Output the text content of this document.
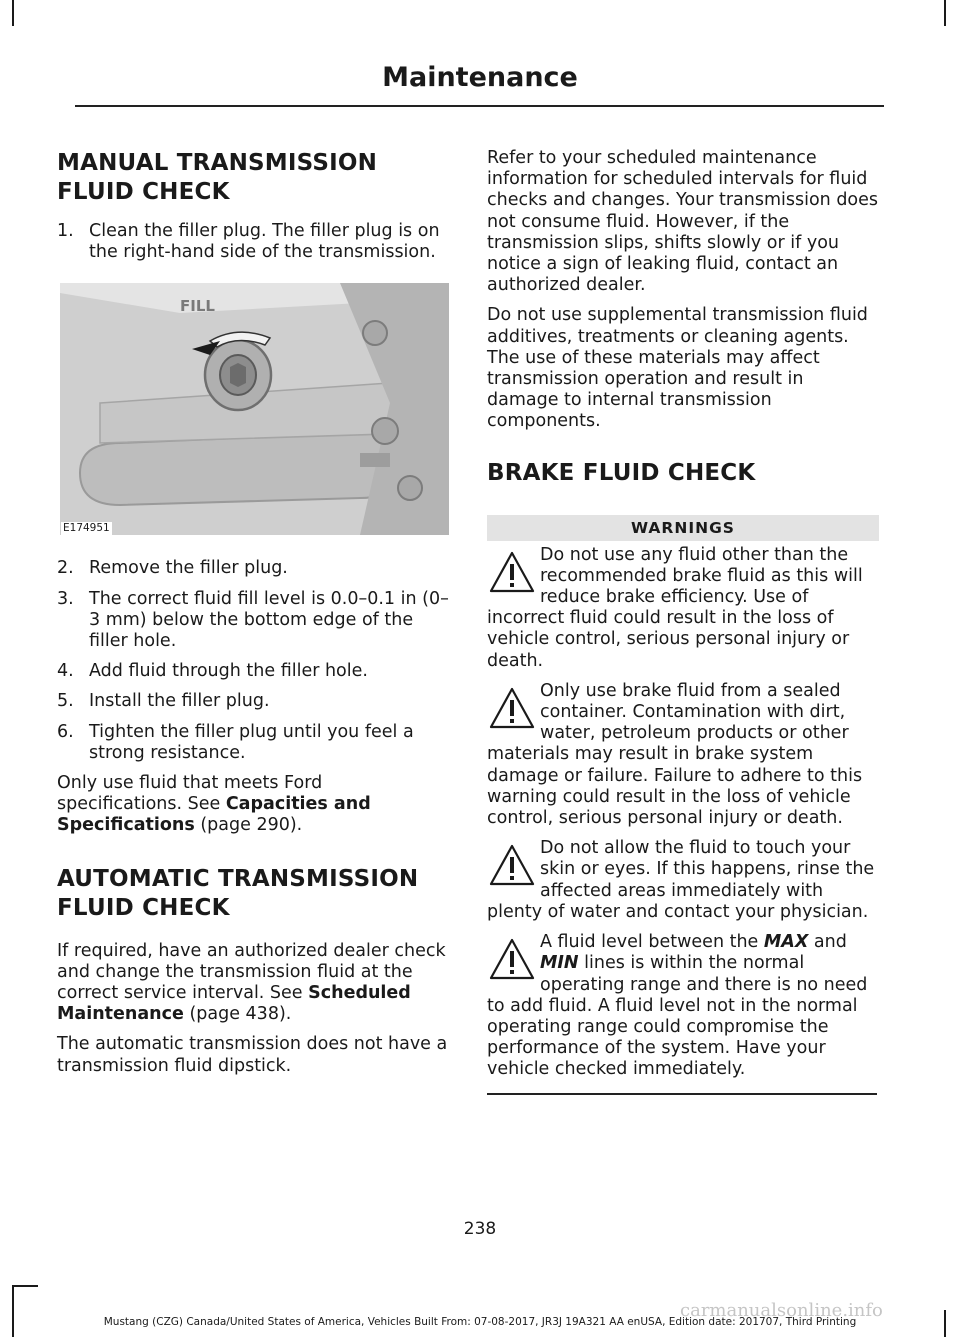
Maintenance
MANUAL TRANSMISSION
FLUID CHECK
1. Clean the filler plug. The filler plug is on the right-hand side of the transmission.
FILL
E174951
2. Remove the filler plug.
3. The correct fluid fill level is 0.0–0.1 in (0–3 mm) below the bottom edge of the filler hole.
4. Add fluid through the filler hole.
5. Install the filler plug.
6. Tighten the filler plug until you feel a strong resistance.

Only use fluid that meets Ford specifications. See Capacities and Specifications (page 290).

AUTOMATIC TRANSMISSION
FLUID CHECK

If required, have an authorized dealer check and change the transmission fluid at the correct service interval. See Scheduled Maintenance (page 438).

The automatic transmission does not have a transmission fluid dipstick.

Refer to your scheduled maintenance information for scheduled intervals for fluid checks and changes. Your transmission does not consume fluid. However, if the transmission slips, shifts slowly or if you notice a sign of leaking fluid, contact an authorized dealer.

Do not use supplemental transmission fluid additives, treatments or cleaning agents. The use of these materials may affect transmission operation and result in damage to internal transmission components.

BRAKE FLUID CHECK
WARNINGS
Do not use any fluid other than the recommended brake fluid as this will reduce brake efficiency. Use of incorrect fluid could result in the loss of vehicle control, serious personal injury or death.
Only use brake fluid from a sealed container. Contamination with dirt, water, petroleum products or other materials may result in brake system damage or failure. Failure to adhere to this warning could result in the loss of vehicle control, serious personal injury or death.
Do not allow the fluid to touch your skin or eyes. If this happens, rinse the affected areas immediately with plenty of water and contact your physician.
A fluid level between the MAX and MIN lines is within the normal operating range and there is no need to add fluid. A fluid level not in the normal operating range could compromise the performance of the system. Have your vehicle checked immediately.

238

Mustang (CZG) Canada/United States of America, Vehicles Built From: 07-08-2017, JR3J 19A321 AA enUSA, Edition date: 201707, Third Printing

carmanualsonline.info
